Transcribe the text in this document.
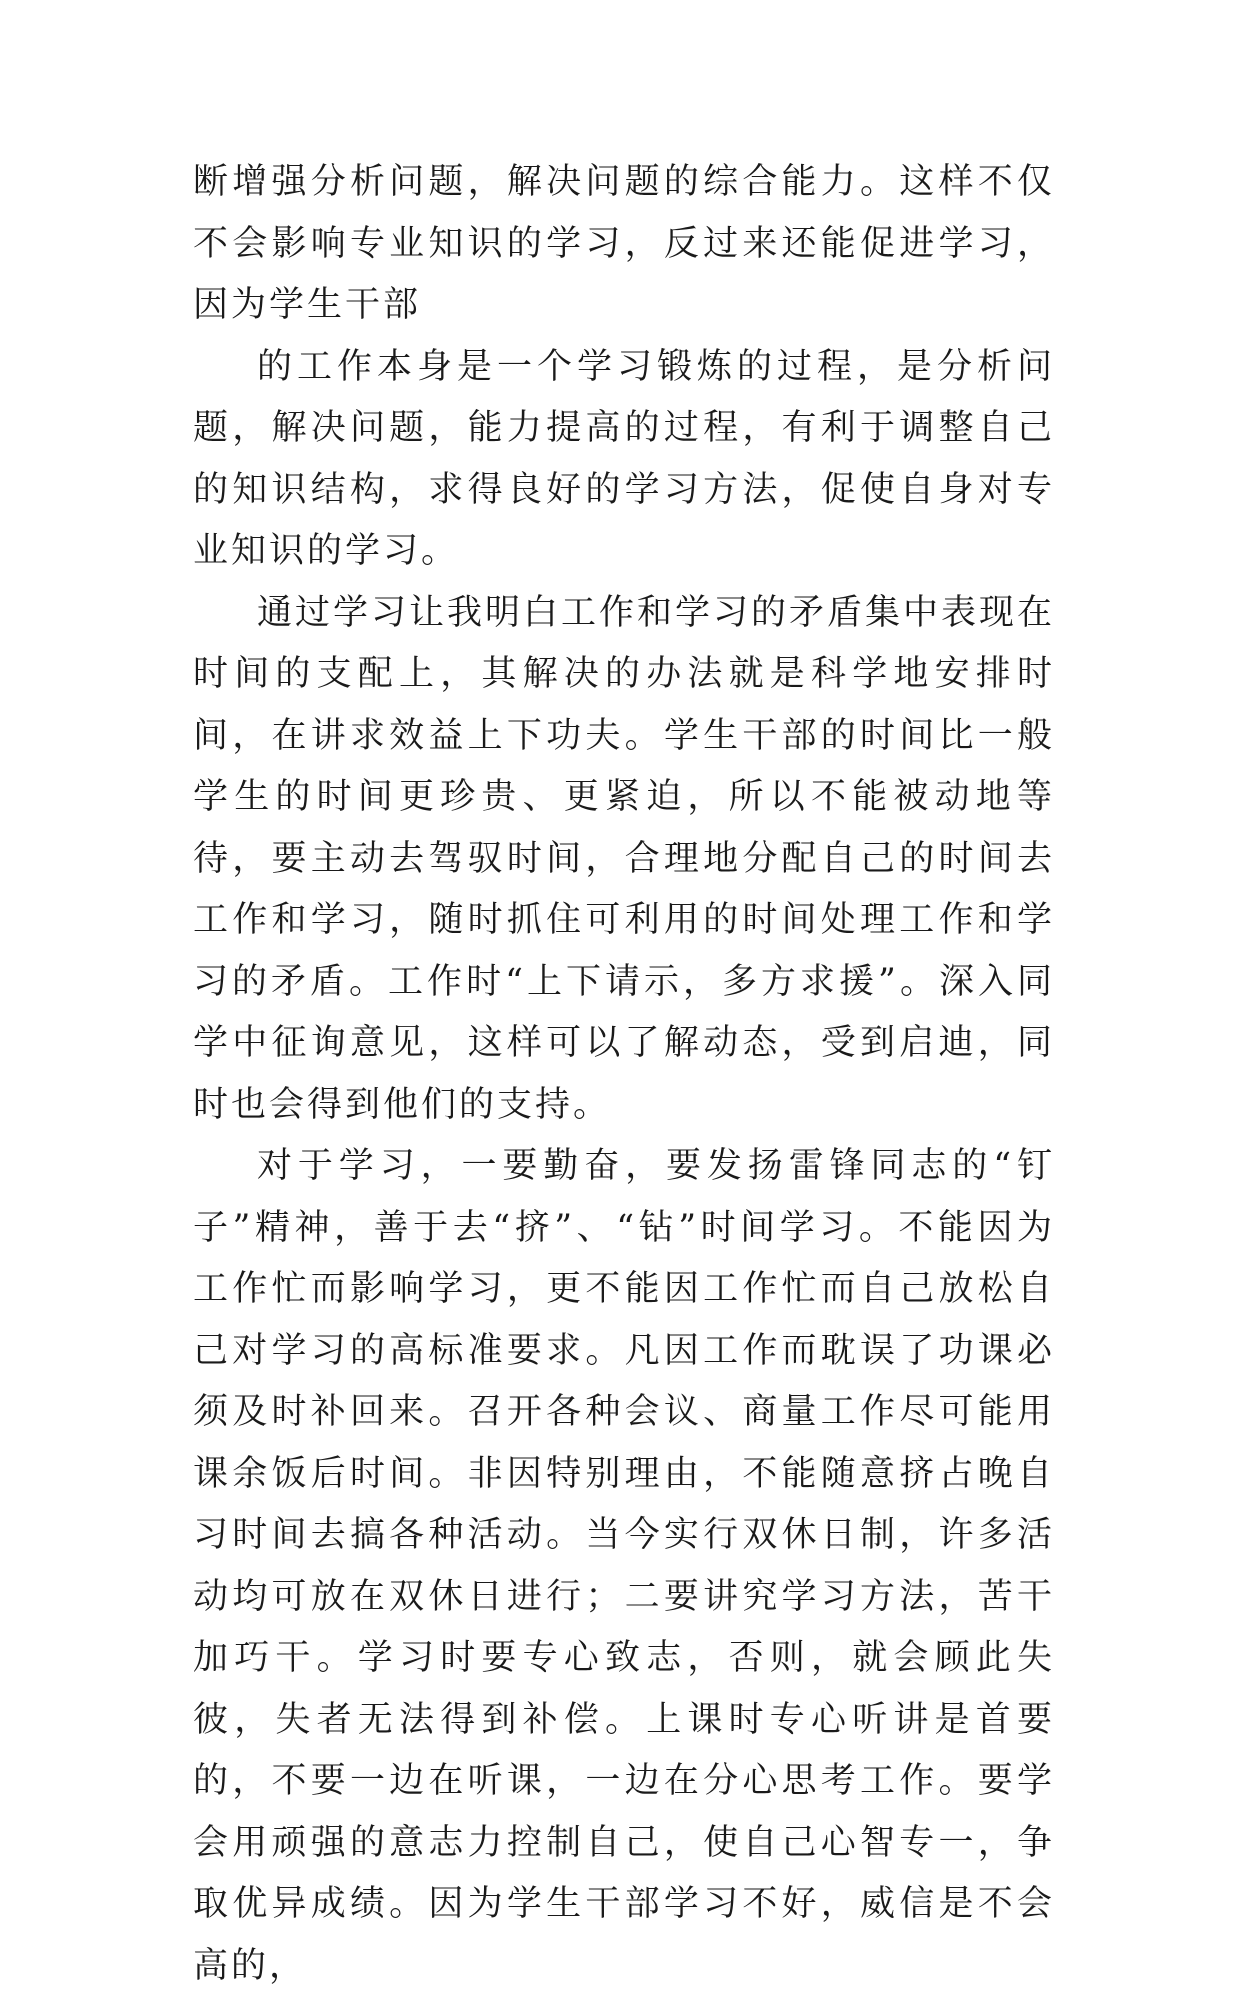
断增强分析问题，解决问题的综合能力。这样不仅不会影响专业知识的学习，反过来还能促进学习，因为学生干部

的工作本身是一个学习锻炼的过程，是分析问题，解决问题，能力提高的过程，有利于调整自己的知识结构，求得良好的学习方法，促使自身对专业知识的学习。

通过学习让我明白工作和学习的矛盾集中表现在时间的支配上，其解决的办法就是科学地安排时间，在讲求效益上下功夫。学生干部的时间比一般学生的时间更珍贵、更紧迫，所以不能被动地等待，要主动去驾驭时间，合理地分配自己的时间去工作和学习，随时抓住可利用的时间处理工作和学习的矛盾。工作时“上下请示，多方求援”。深入同学中征询意见，这样可以了解动态，受到启迪，同时也会得到他们的支持。

对于学习，一要勤奋，要发扬雷锋同志的“钉子”精神，善于去“挤”、“钻”时间学习。不能因为工作忙而影响学习，更不能因工作忙而自己放松自己对学习的高标准要求。凡因工作而耽误了功课必须及时补回来。召开各种会议、商量工作尽可能用课余饭后时间。非因特别理由，不能随意挤占晚自习时间去搞各种活动。当今实行双休日制，许多活动均可放在双休日进行；二要讲究学习方法，苦干加巧干。学习时要专心致志，否则，就会顾此失彼，失者无法得到补偿。上课时专心听讲是首要的，不要一边在听课，一边在分心思考工作。要学会用顽强的意志力控制自己，使自己心智专一，争取优异成绩。因为学生干部学习不好，威信是不会高的，
